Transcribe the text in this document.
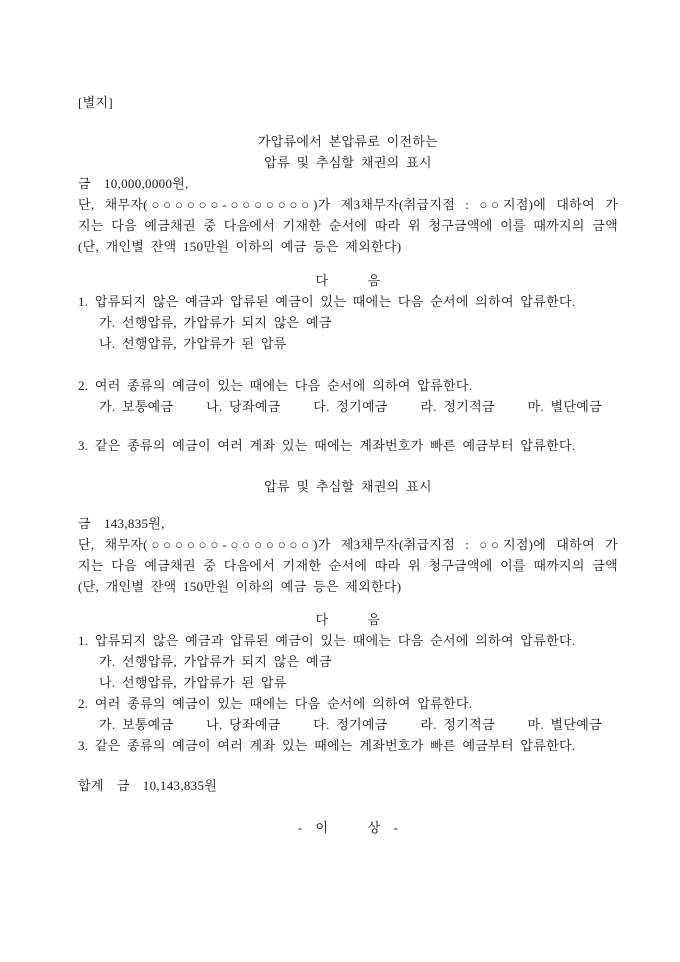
[별지]
가압류에서 본압류로 이전하는
압류 및 추심할 채권의 표시
금  10,000,0000원,
단, 채무자(○○○○○○-○○○○○○○)가 제3채무자(취급지점 : ○○지점)에 대하여 가
지는 다음 예금채권 중 다음에서 기재한 순서에 따라 위 청구금액에 이를 때까지의 금액
(단, 개인별 잔액 150만원 이하의 예금 등은 제외한다)
다      음
1. 압류되지 않은 예금과 압류된 예금이 있는 때에는 다음 순서에 의하여 압류한다.
가. 선행압류, 가압류가 되지 않은 예금
나. 선행압류, 가압류가 된 압류
2. 여러 종류의 예금이 있는 때에는 다음 순서에 의하여 압류한다.
가. 보통예금     나. 당좌예금     다. 정기예금     라. 정기적금     마. 별단예금
3. 같은 종류의 예금이 여러 계좌 있는 때에는 계좌번호가 빠른 예금부터 압류한다.
압류 및 추심할 채권의 표시
금  143,835원,
단, 채무자(○○○○○○-○○○○○○○)가 제3채무자(취급지점 : ○○지점)에 대하여 가
지는 다음 예금채권 중 다음에서 기재한 순서에 따라 위 청구금액에 이를 때까지의 금액
(단, 개인별 잔액 150만원 이하의 예금 등은 제외한다)
다      음
1. 압류되지 않은 예금과 압류된 예금이 있는 때에는 다음 순서에 의하여 압류한다.
가. 선행압류, 가압류가 되지 않은 예금
나. 선행압류, 가압류가 된 압류
2. 여러 종류의 예금이 있는 때에는 다음 순서에 의하여 압류한다.
가. 보통예금     나. 당좌예금     다. 정기예금     라. 정기적금     마. 별단예금
3. 같은 종류의 예금이 여러 계좌 있는 때에는 계좌번호가 빠른 예금부터 압류한다.
합계  금  10,143,835원
-  이      상  -
